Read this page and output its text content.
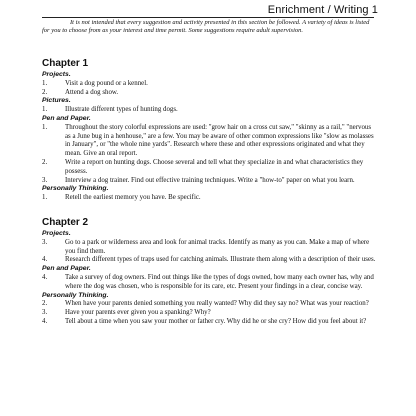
Enrichment / Writing 1
It is not intended that every suggestion and activity presented in this section be followed. A variety of ideas is listed for you to choose from as your interest and time permit. Some suggestions require adult supervision.
Chapter 1
Projects.
1.	Visit a dog pound or a kennel.
2.	Attend a dog show.
Pictures.
1.	Illustrate different types of hunting dogs.
Pen and Paper.
1.	Throughout the story colorful expressions are used: "grow hair on a cross cut saw," "skinny as a rail," "nervous as a June bug in a henhouse," are a few. You may be aware of other common expressions like "slow as molasses in January", or "the whole nine yards". Research where these and other expressions originated and what they mean. Give an oral report.
2.	Write a report on hunting dogs. Choose several and tell what they specialize in and what characteristics they possess.
3.	Interview a dog trainer. Find out effective training techniques. Write a "how-to" paper on what you learn.
Personally Thinking.
1.	Retell the earliest memory you have. Be specific.
Chapter 2
Projects.
3.	Go to a park or wilderness area and look for animal tracks. Identify as many as you can. Make a map of where you find them.
4.	Research different types of traps used for catching animals. Illustrate them along with a description of their uses.
Pen and Paper.
4.	Take a survey of dog owners. Find out things like the types of dogs owned, how many each owner has, why and where the dog was chosen, who is responsible for its care, etc. Present your findings in a clear, concise way.
Personally Thinking.
2.	When have your parents denied something you really wanted? Why did they say no? What was your reaction?
3.	Have your parents ever given you a spanking? Why?
4.	Tell about a time when you saw your mother or father cry. Why did he or she cry? How did you feel about it?
